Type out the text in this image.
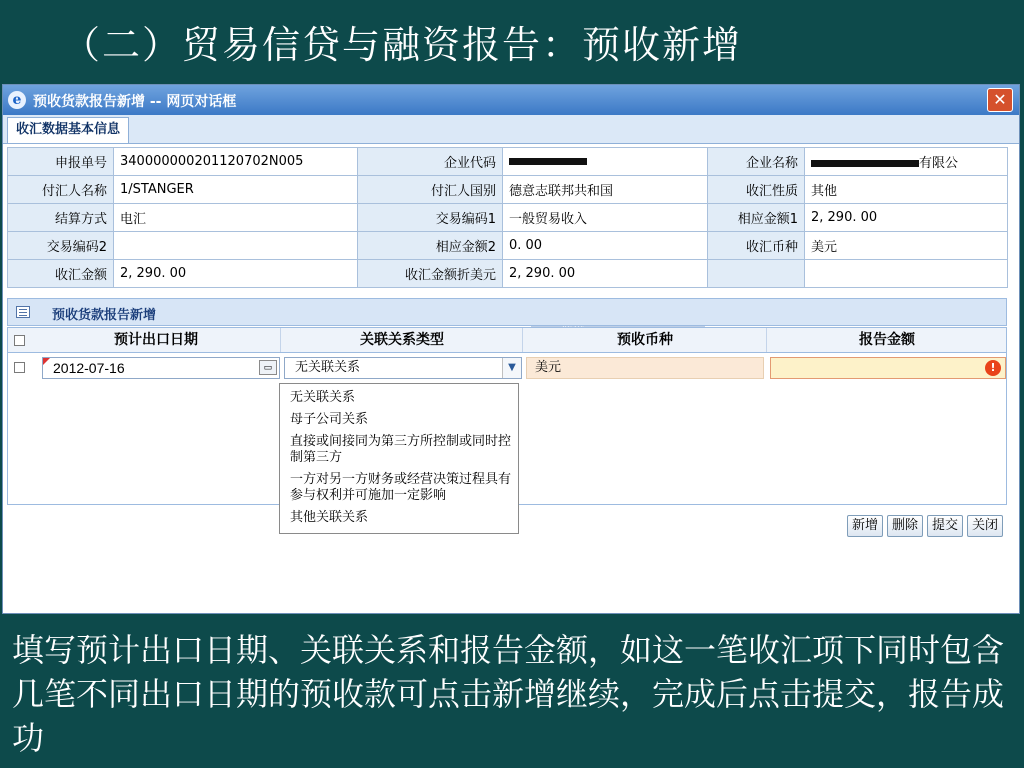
（二）贸易信贷与融资报告：预收新增
e 预收货款报告新增 -- 网页对话框	✕
收汇数据基本信息
申报单号	340000000201120702N005	企业代码		企业名称	有限公
付汇人名称	1/STANGER	付汇人国别	德意志联邦共和国	收汇性质	其他
结算方式	电汇	交易编码1	一般贸易收入	相应金额1	2, 290. 00
交易编码2		相应金额2	0. 00	收汇币种	美元
收汇金额	2, 290. 00	收汇金额折美元	2, 290. 00		
预收货款报告新增
预计出口日期	关联关系类型	预收币种	报告金额
2012-07-16	▭	无关联关系	▼	美元	!
无关联关系
母子公司关系
直接或间接同为第三方所控制或同时控制第三方
一方对另一方财务或经营决策过程具有参与权利并可施加一定影响
其他关联关系
新增 删除 提交 关闭
填写预计出口日期、关联关系和报告金额，如这一笔收汇项下同时包含几笔不同出口日期的预收款可点击新增继续，完成后点击提交，报告成功
